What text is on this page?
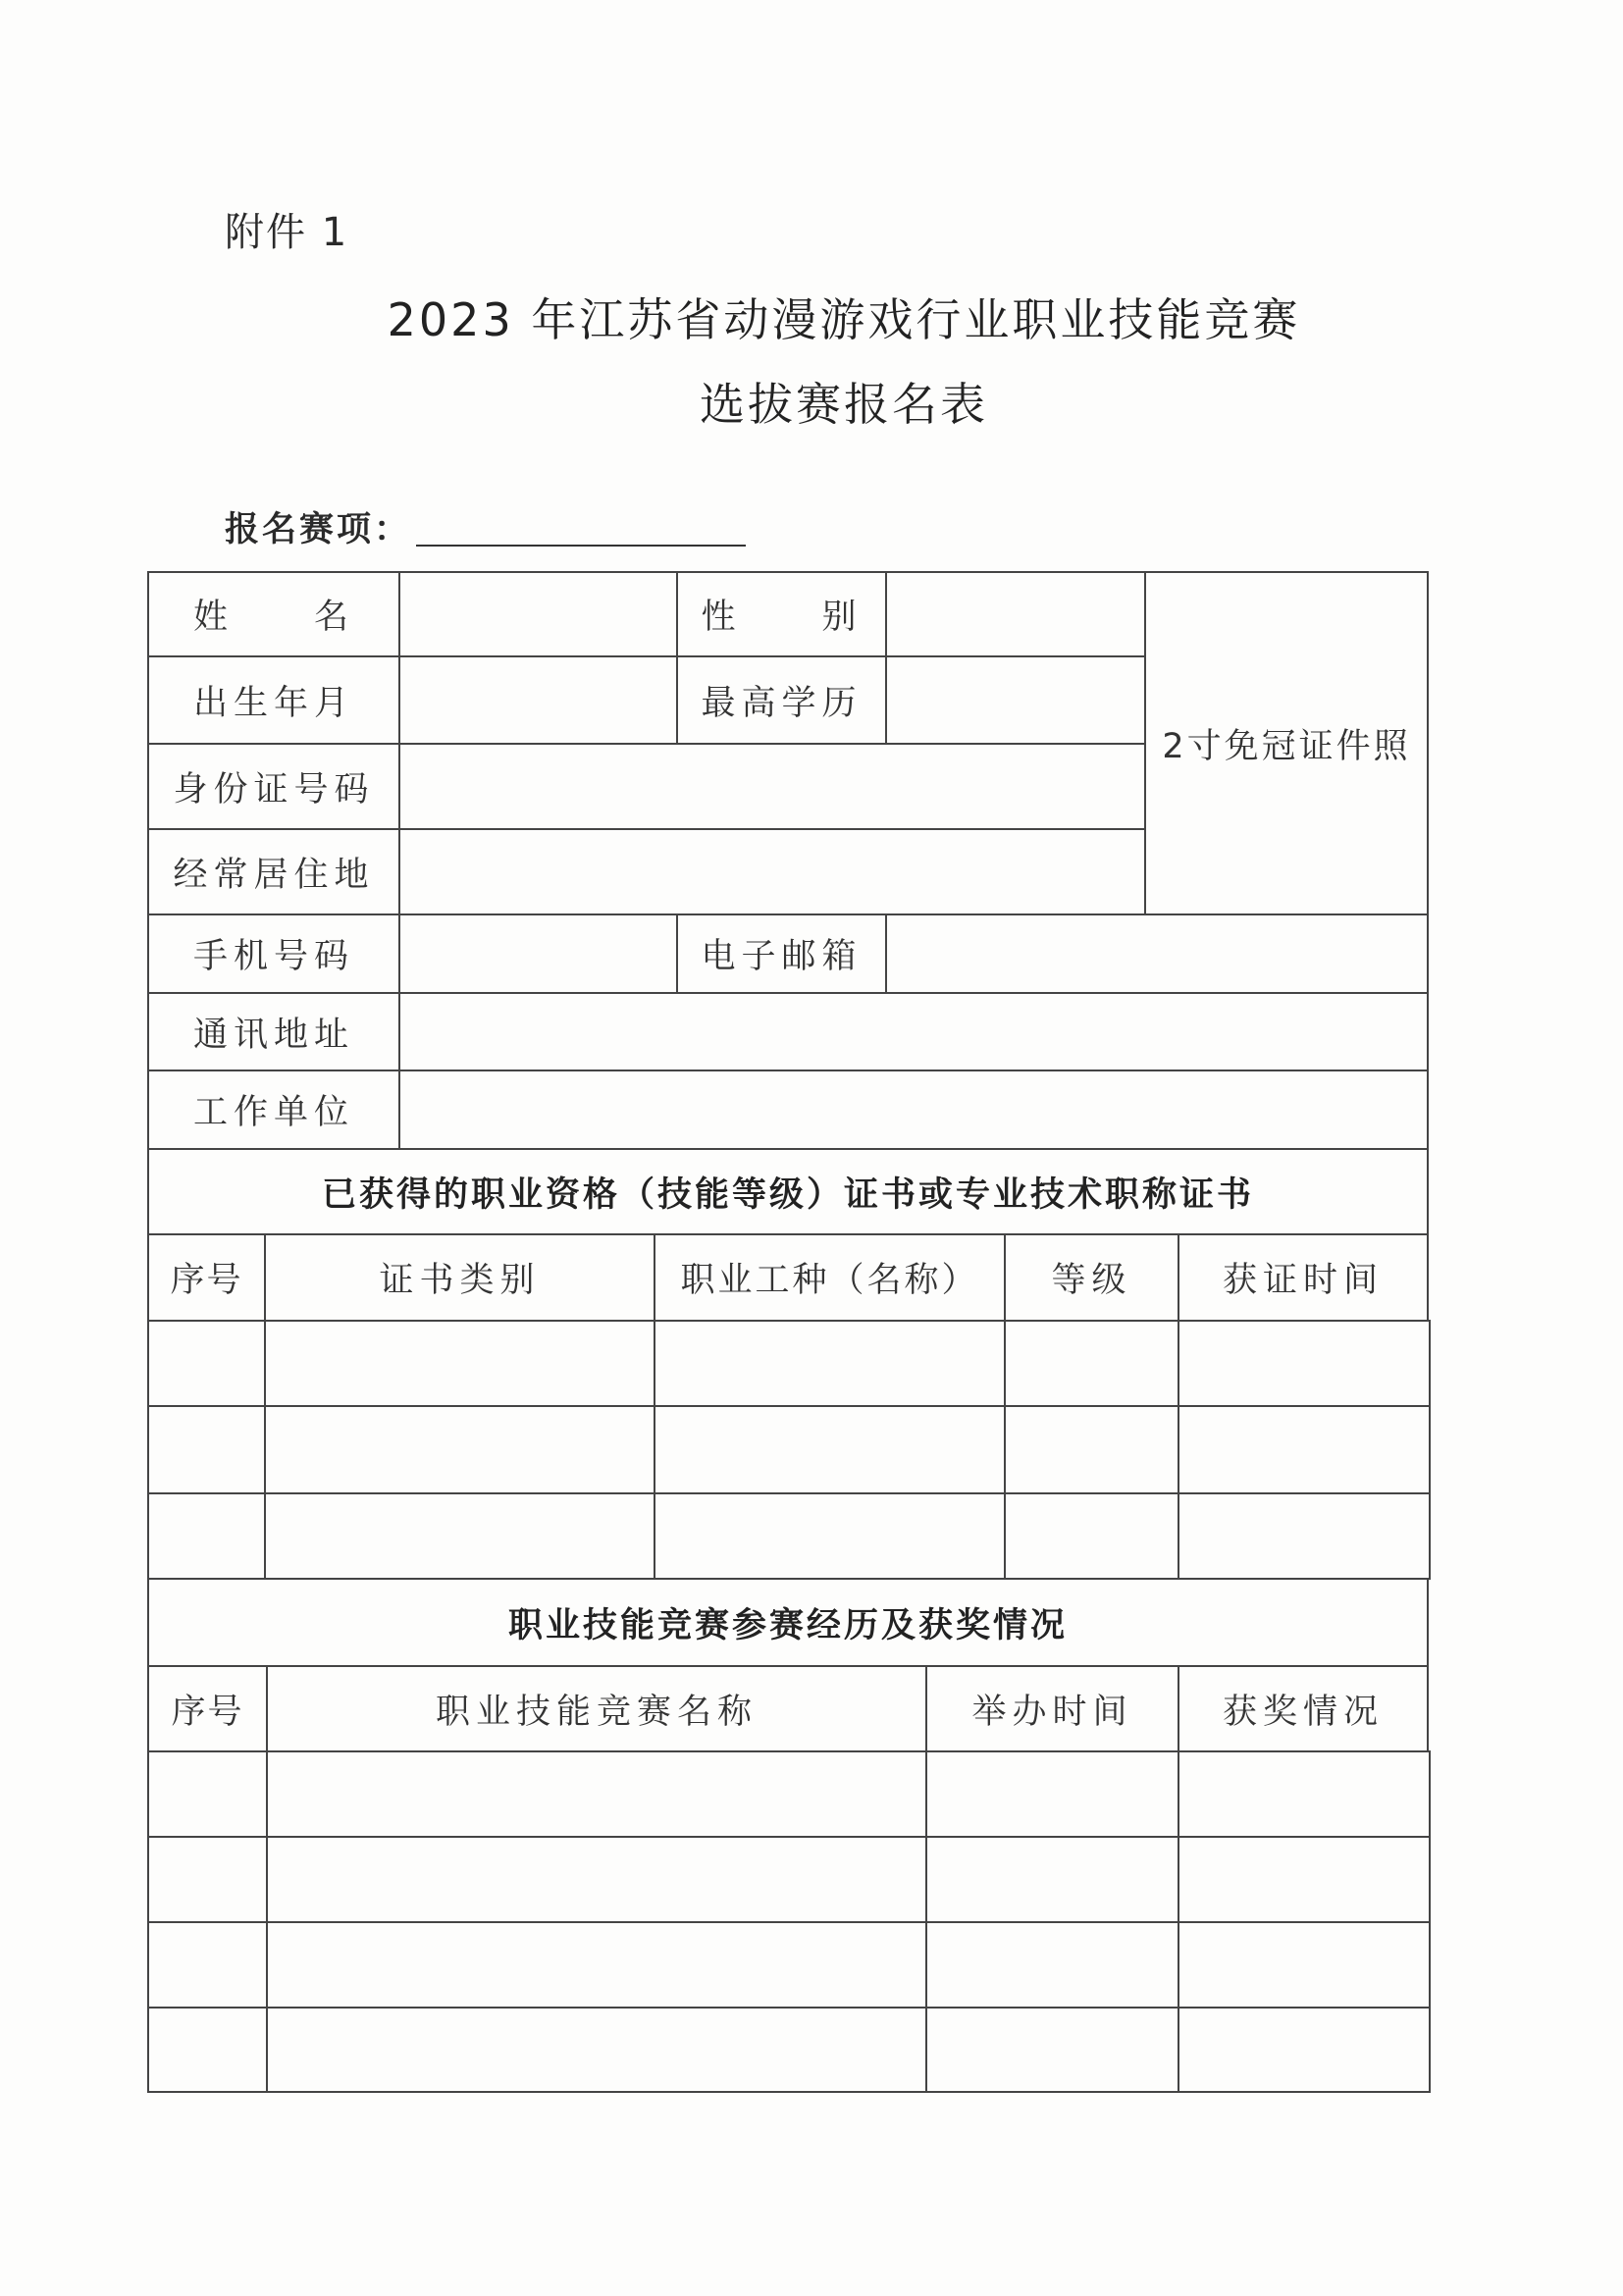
附件 1
2023 年江苏省动漫游戏行业职业技能竞赛
选拔赛报名表
报名赛项：
姓　　名	性　　别
2寸免冠证件照
出生年月	最高学历
身份证号码
经常居住地
手机号码	电子邮箱
通讯地址
工作单位
已获得的职业资格（技能等级）证书或专业技术职称证书
序号	证书类别	职业工种（名称）	等级	获证时间
职业技能竞赛参赛经历及获奖情况
序号	职业技能竞赛名称	举办时间	获奖情况
